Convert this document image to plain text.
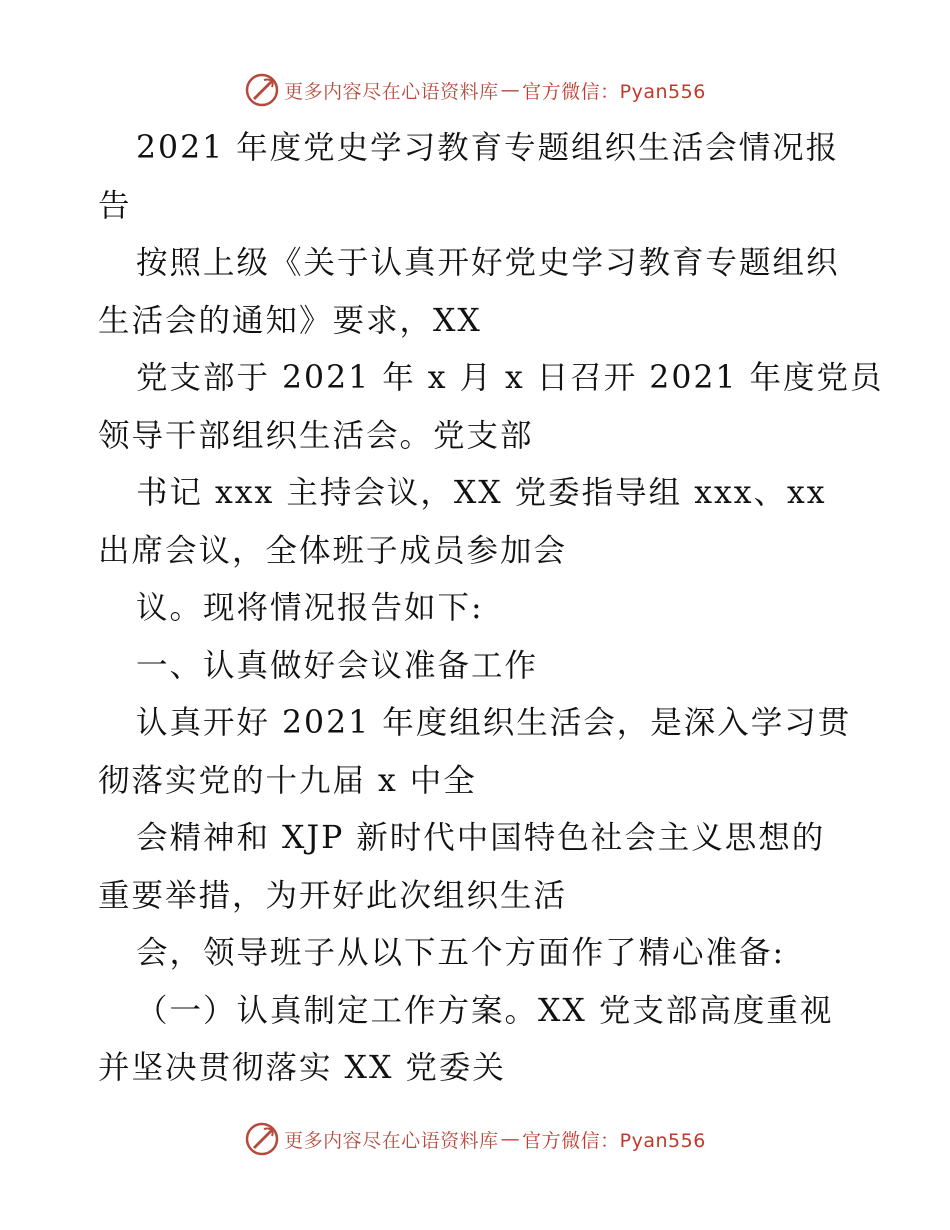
更多内容尽在心语资料库 — 官方微信：Pyan556
2021 年度党史学习教育专题组织生活会情况报
告
按照上级《关于认真开好党史学习教育专题组织
生活会的通知》要求，XX
党支部于 2021 年 x 月 x 日召开 2021 年度党员
领导干部组织生活会。党支部
书记 xxx 主持会议，XX 党委指导组 xxx、xx
出席会议，全体班子成员参加会
议。现将情况报告如下:
一、认真做好会议准备工作
认真开好 2021 年度组织生活会，是深入学习贯
彻落实党的十九届 x 中全
会精神和 XJP 新时代中国特色社会主义思想的
重要举措，为开好此次组织生活
会，领导班子从以下五个方面作了精心准备:
（一）认真制定工作方案。XX 党支部高度重视
并坚决贯彻落实 XX 党委关
更多内容尽在心语资料库 — 官方微信：Pyan556
